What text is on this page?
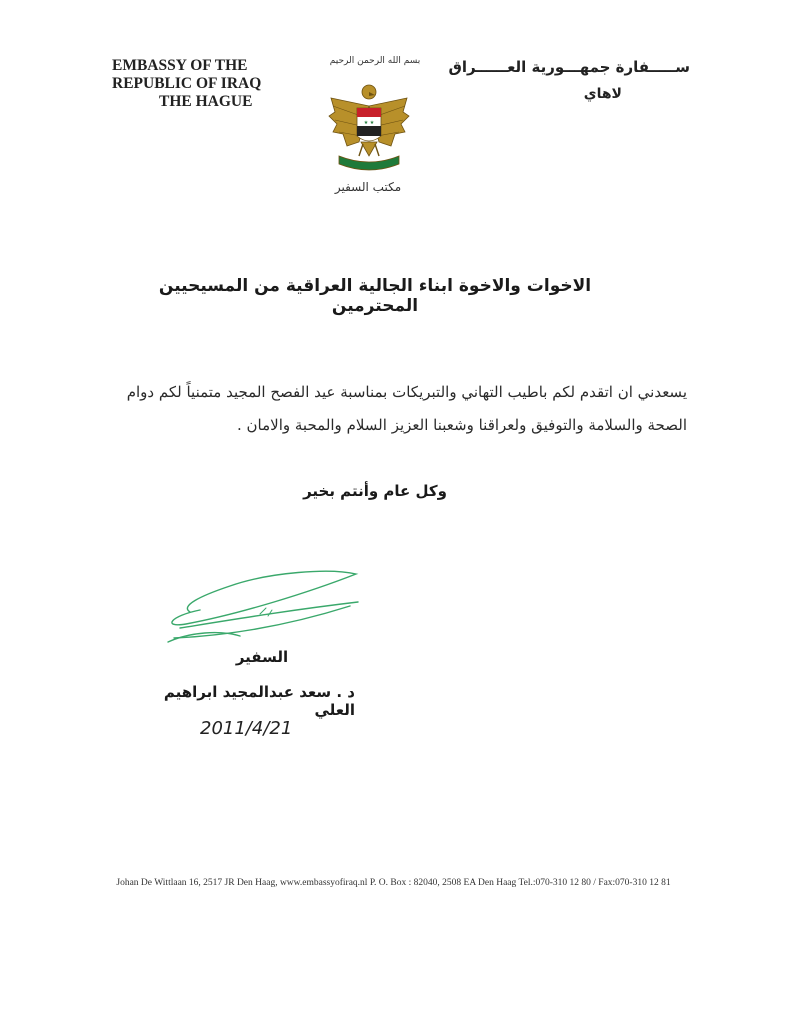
EMBASSY OF THE
REPUBLIC OF IRAQ
THE HAGUE
بسم الله الرحمن الرحيم
★ ★
ســـــفارة جمهـــورية العــــــراق
لاهاي
مكتب السفير
الاخوات والاخوة ابناء الجالية العراقية من المسيحيين المحترمين
يسعدني ان اتقدم لكم باطيب التهاني والتبريكات بمناسبة عيد الفصح المجيد متمنياً لكم دوام الصحة والسلامة والتوفيق ولعراقنا وشعبنا العزيز السلام والمحبة والامان .
وكل عام وأنتم بخير
السفير
د . سعد عبدالمجيد ابراهيم العلي
2011/4/21
Johan De Wittlaan 16, 2517 JR Den Haag, www.embassyofiraq.nl P. O. Box : 82040, 2508 EA Den Haag Tel.:070-310 12 80 / Fax:070-310 12 81
